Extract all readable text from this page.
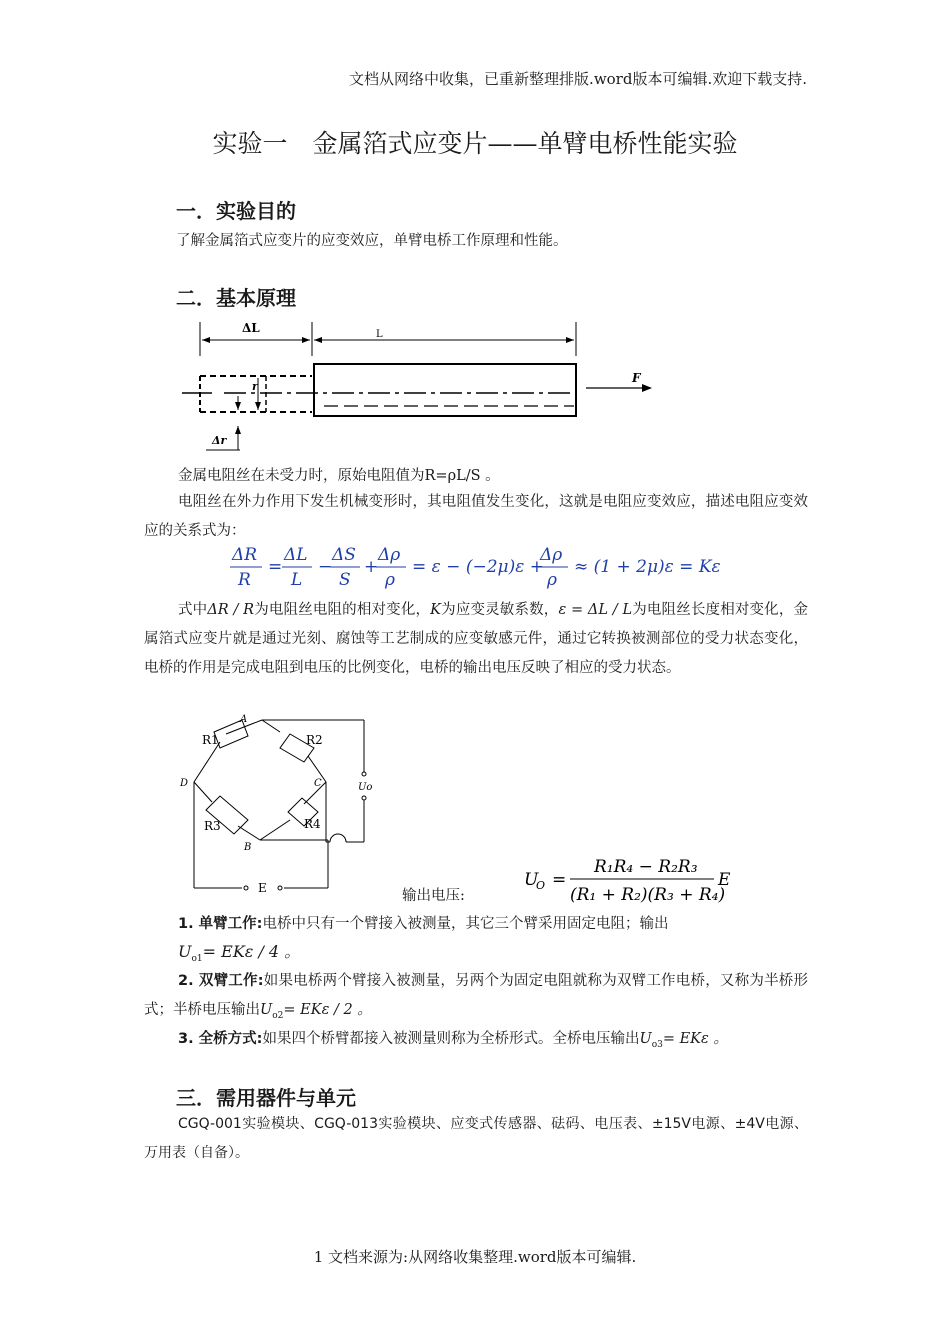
文档从网络中收集，已重新整理排版.word版本可编辑.欢迎下载支持.
实验一　金属箔式应变片——单臂电桥性能实验
一．实验目的
了解金属箔式应变片的应变效应，单臂电桥工作原理和性能。
二．基本原理
ΔL	L
r
Δr
F
金属电阻丝在未受力时，原始电阻值为R=ρL/S 。
电阻丝在外力作用下发生机械变形时，其电阻值发生变化，这就是电阻应变效应，描述电阻应变效应的关系式为：
ΔR
R
=
ΔL
L
−
ΔS
S
+
Δρ
ρ
= ε − (−2μ)ε +
Δρ
ρ
≈ (1 + 2μ)ε = Kε
式中ΔR / R为电阻丝电阻的相对变化，K为应变灵敏系数，ε = ΔL / L为电阻丝长度相对变化，金属箔式应变片就是通过光刻、腐蚀等工艺制成的应变敏感元件，通过它转换被测部位的受力状态变化，电桥的作用是完成电阻到电压的比例变化，电桥的输出电压反映了相应的受力状态。
R1	R2
R3	R4
A
B
C
D	Uo
E	输出电压:
U
O =
R₁R₄ − R₂R₃
(R₁ + R₂)(R₃ + R₄)
E
1. 单臂工作:电桥中只有一个臂接入被测量，其它三个臂采用固定电阻；输出
$U_{o1}= EK\varepsilon / 4$ 。
2. 双臂工作:如果电桥两个臂接入被测量，另两个为固定电阻就称为双臂工作电桥，又称为半桥形式；半桥电压输出$U_{o2}= EK\varepsilon / 2$ 。
3. 全桥方式:如果四个桥臂都接入被测量则称为全桥形式。全桥电压输出$U_{o3}= EK\varepsilon$ 。
三．需用器件与单元
CGQ-001实验模块、CGQ-013实验模块、应变式传感器、砝码、电压表、±15V电源、±4V电源、万用表（自备）。
1 文档来源为:从网络收集整理.word版本可编辑.
